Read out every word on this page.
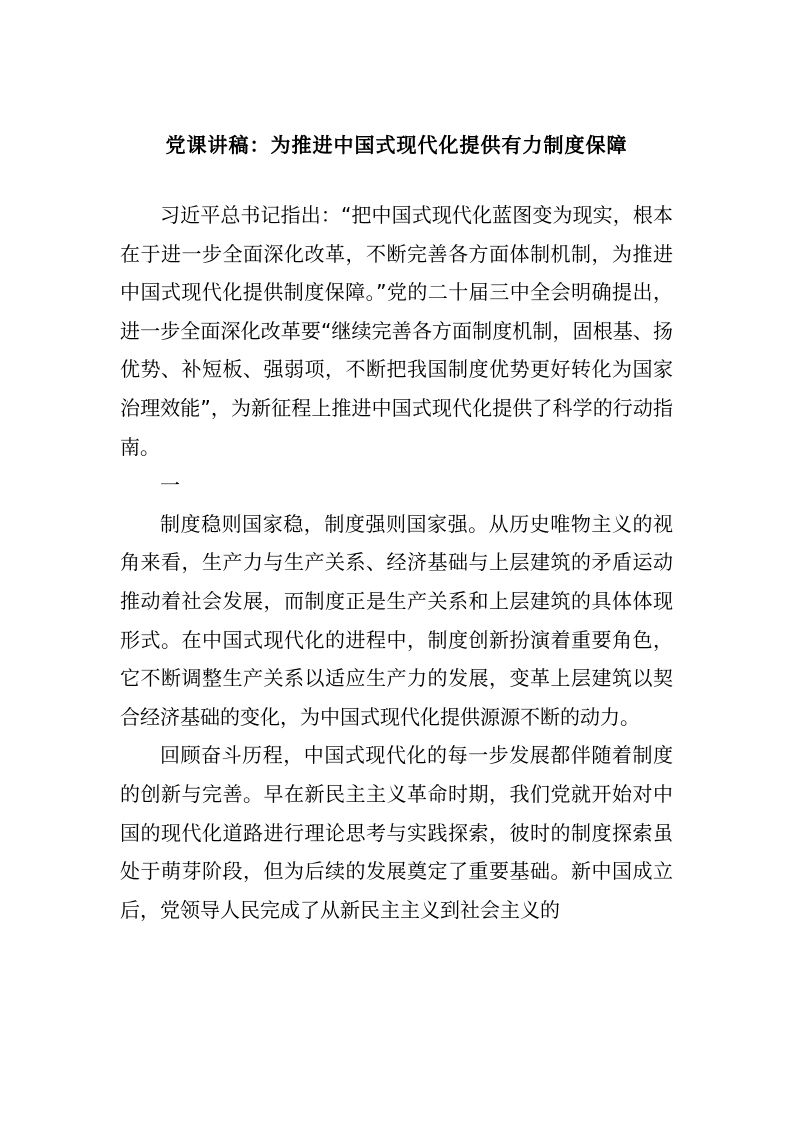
党课讲稿：为推进中国式现代化提供有力制度保障

习近平总书记指出：“把中国式现代化蓝图变为现实，根本在于进一步全面深化改革，不断完善各方面体制机制，为推进中国式现代化提供制度保障。”党的二十届三中全会明确提出，进一步全面深化改革要“继续完善各方面制度机制，固根基、扬优势、补短板、强弱项，不断把我国制度优势更好转化为国家治理效能”，为新征程上推进中国式现代化提供了科学的行动指南。

一

制度稳则国家稳，制度强则国家强。从历史唯物主义的视角来看，生产力与生产关系、经济基础与上层建筑的矛盾运动推动着社会发展，而制度正是生产关系和上层建筑的具体体现形式。在中国式现代化的进程中，制度创新扮演着重要角色，它不断调整生产关系以适应生产力的发展，变革上层建筑以契合经济基础的变化，为中国式现代化提供源源不断的动力。

回顾奋斗历程，中国式现代化的每一步发展都伴随着制度的创新与完善。早在新民主主义革命时期，我们党就开始对中国的现代化道路进行理论思考与实践探索，彼时的制度探索虽处于萌芽阶段，但为后续的发展奠定了重要基础。新中国成立后，党领导人民完成了从新民主主义到社会主义的
